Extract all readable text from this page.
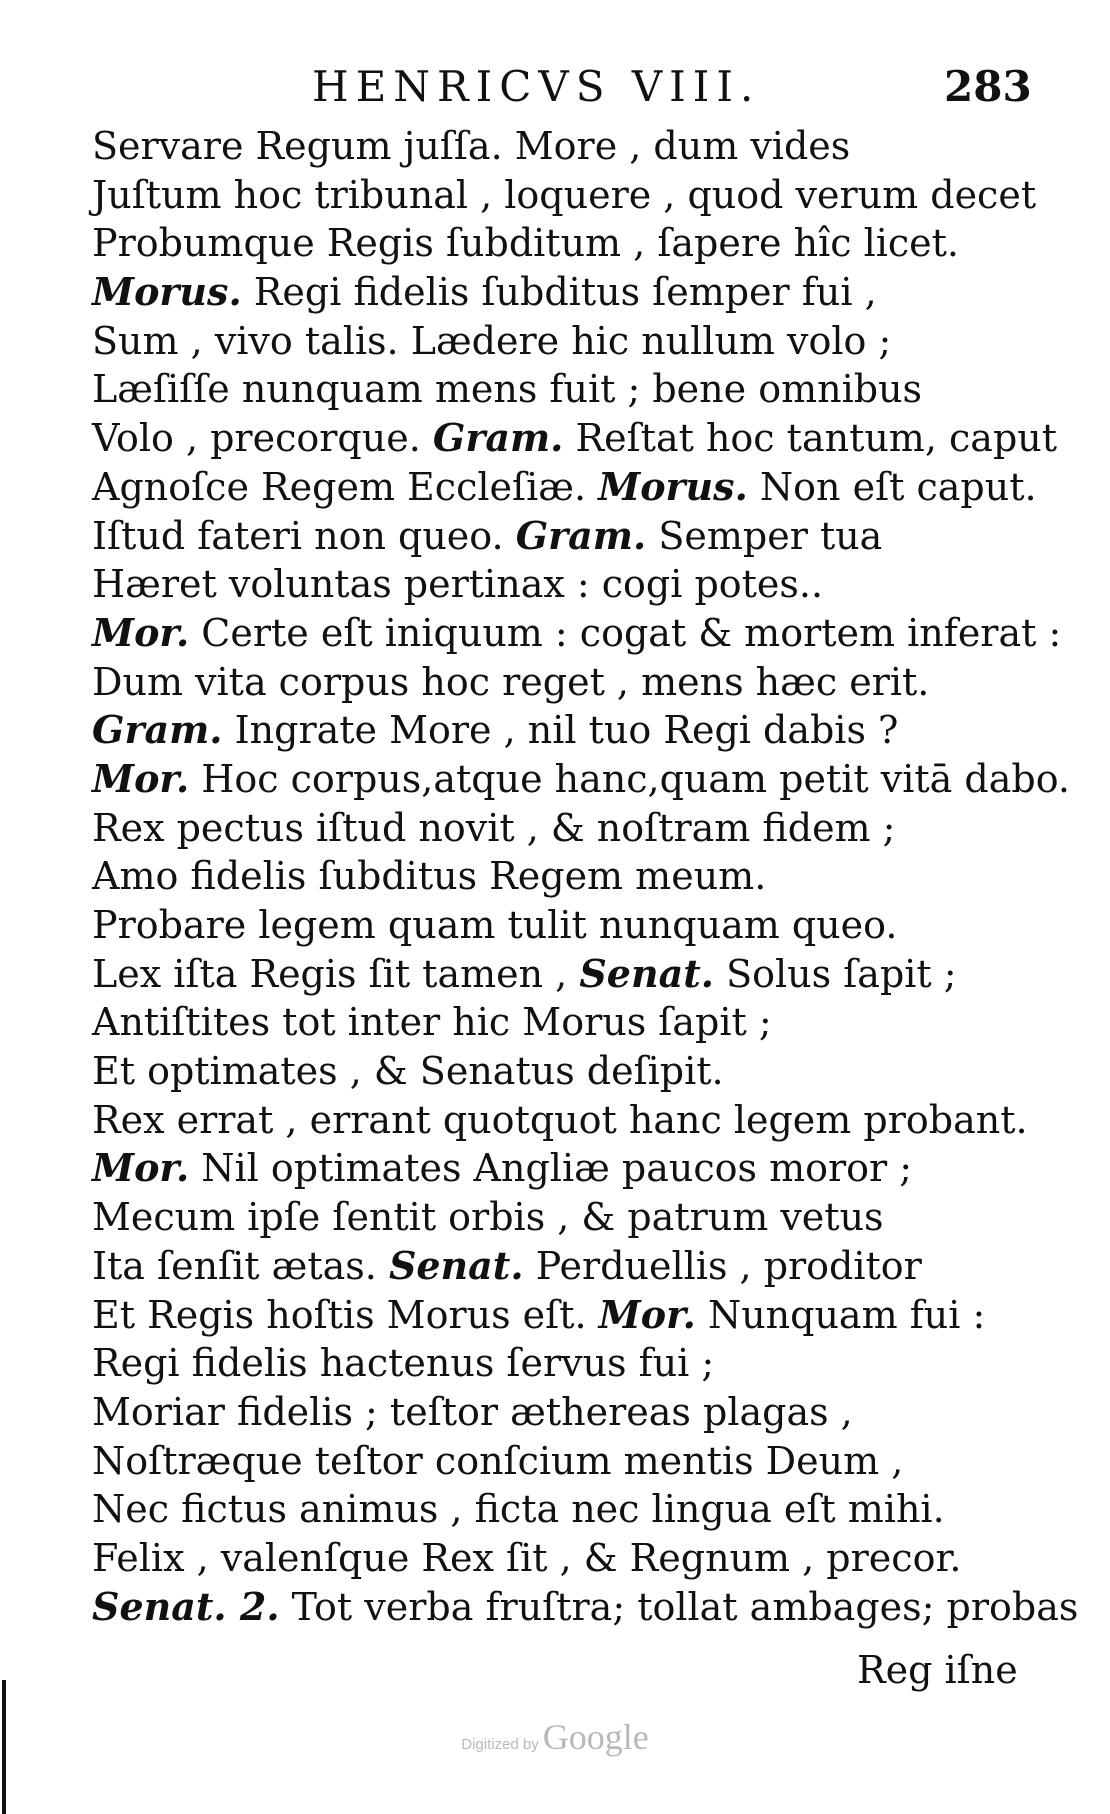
HENRICVS VIII.	283
Servare Regum juſſa. More , dum vides
Juſtum hoc tribunal , loquere , quod verum decet
Probumque Regis ſubditum , ſapere hîc licet.
Morus. Regi fidelis ſubditus ſemper fui ,
Sum , vivo talis. Lædere hic nullum volo ;
Læſiſſe nunquam mens fuit ; bene omnibus
Volo , precorque. Gram. Reſtat hoc tantum, caput
Agnoſce Regem Eccleſiæ. Morus. Non eſt caput.
Iſtud fateri non queo. Gram. Semper tua
Hæret voluntas pertinax : cogi potes..
Mor. Certe eſt iniquum : cogat & mortem inferat :
Dum vita corpus hoc reget , mens hæc erit.
Gram. Ingrate More , nil tuo Regi dabis ?
Mor. Hoc corpus,atque hanc,quam petit vitā dabo.
Rex pectus iſtud novit , & noſtram fidem ;
Amo fidelis ſubditus Regem meum.
Probare legem quam tulit nunquam queo.
Lex iſta Regis ſit tamen , Senat. Solus ſapit ;
Antiſtites tot inter hic Morus ſapit ;
Et optimates , & Senatus deſipit.
Rex errat , errant quotquot hanc legem probant.
Mor. Nil optimates Angliæ paucos moror ;
Mecum ipſe ſentit orbis , & patrum vetus
Ita ſenſit ætas. Senat. Perduellis , proditor
Et Regis hoſtis Morus eſt. Mor. Nunquam fui :
Regi fidelis hactenus ſervus fui ;
Moriar fidelis ; teſtor æthereas plagas ,
Noſtræque teſtor conſcium mentis Deum ,
Nec fictus animus , ficta nec lingua eſt mihi.
Felix , valenſque Rex ſit , & Regnum , precor.
Senat. 2. Tot verba fruſtra; tollat ambages; probas
Reg iſne
Digitized by Google
